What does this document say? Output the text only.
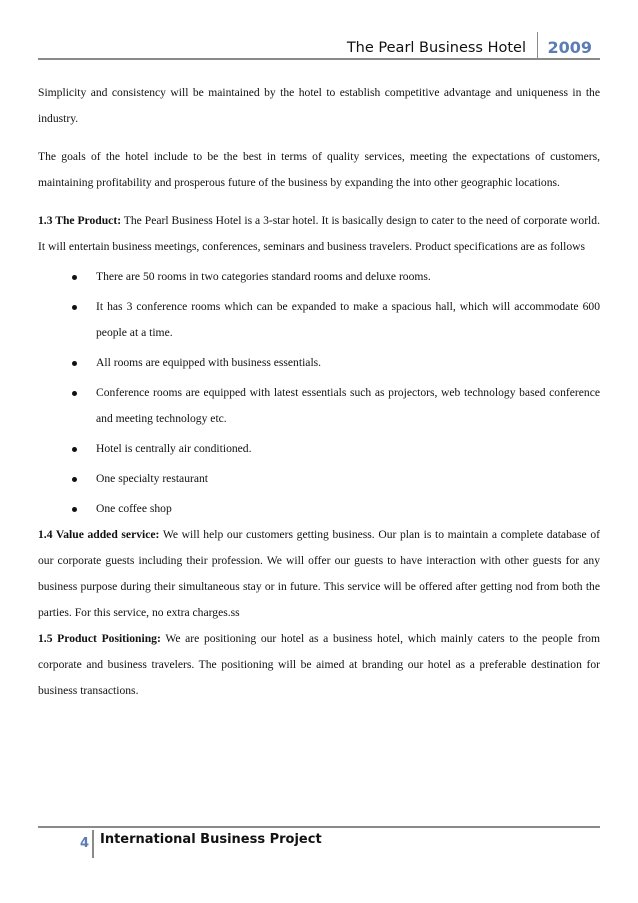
The Pearl Business Hotel 2009

Simplicity and consistency will be maintained by the hotel to establish competitive advantage and uniqueness in the industry.

The goals of the hotel include to be the best in terms of quality services, meeting the expectations of customers, maintaining profitability and prosperous future of the business by expanding the into other geographic locations.

1.3 The Product: The Pearl Business Hotel is a 3-star hotel. It is basically design to cater to the need of corporate world. It will entertain business meetings, conferences, seminars and business travelers. Product specifications are as follows

There are 50 rooms in two categories standard rooms and deluxe rooms.
It has 3 conference rooms which can be expanded to make a spacious hall, which will accommodate 600 people at a time.
All rooms are equipped with business essentials.
Conference rooms are equipped with latest essentials such as projectors, web technology based conference and meeting technology etc.
Hotel is centrally air conditioned.
One specialty restaurant
One coffee shop

1.4 Value added service: We will help our customers getting business. Our plan is to maintain a complete database of our corporate guests including their profession. We will offer our guests to have interaction with other guests for any business purpose during their simultaneous stay or in future. This service will be offered after getting nod from both the parties. For this service, no extra charges.ss

1.5 Product Positioning: We are positioning our hotel as a business hotel, which mainly caters to the people from corporate and business travelers. The positioning will be aimed at branding our hotel as a preferable destination for business transactions.

4 International Business Project
